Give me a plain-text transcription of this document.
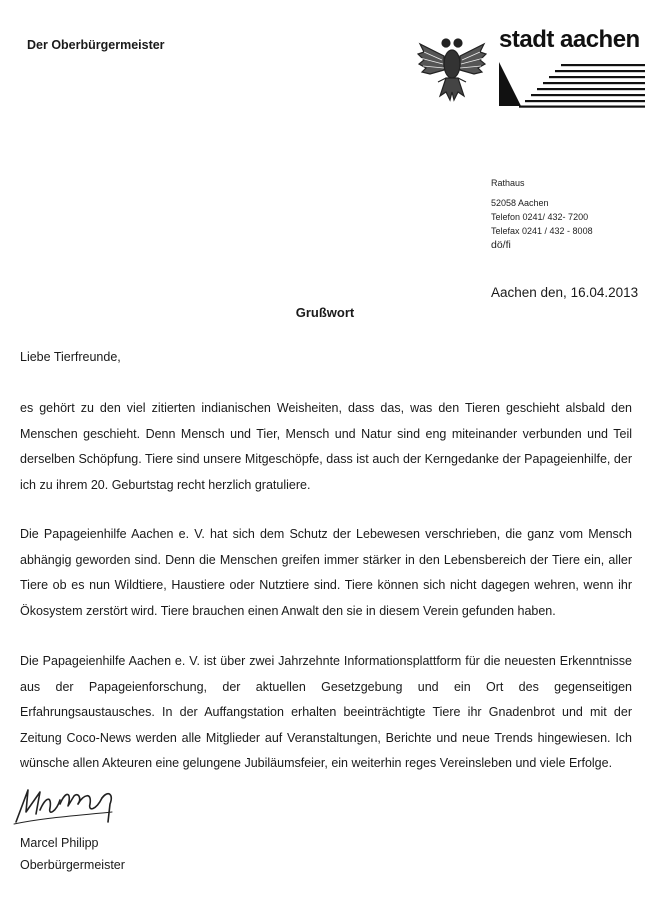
Der Oberbürgermeister	stadt aachen
Rathaus
52058 Aachen
Telefon 0241/ 432- 7200
Telefax 0241 / 432 - 8008
dö/fi
Aachen den, 16.04.2013
Grußwort
Liebe Tierfreunde,
es gehört zu den viel zitierten indianischen Weisheiten, dass das, was den Tieren geschieht alsbald den Menschen geschieht. Denn Mensch und Tier, Mensch und Natur sind eng miteinander verbunden und Teil derselben Schöpfung. Tiere sind unsere Mitgeschöpfe, dass ist auch der Kerngedanke der Papageienhilfe, der ich zu ihrem 20. Geburtstag recht herzlich gratuliere.
Die Papageienhilfe Aachen e. V. hat sich dem Schutz der Lebewesen verschrieben, die ganz vom Mensch abhängig geworden sind. Denn die Menschen greifen immer stärker in den Lebensbereich der Tiere ein, aller Tiere ob es nun Wildtiere, Haustiere oder Nutztiere sind. Tiere können sich nicht dagegen wehren, wenn ihr Ökosystem zerstört wird. Tiere brauchen einen Anwalt den sie in diesem Verein gefunden haben.
Die Papageienhilfe Aachen e. V. ist über zwei Jahrzehnte Informationsplattform für die neuesten Erkenntnisse aus der Papageienforschung, der aktuellen Gesetzgebung und ein Ort des gegenseitigen Erfahrungsaustausches. In der Auffangstation erhalten beeinträchtigte Tiere ihr Gnadenbrot und mit der Zeitung Coco-News werden alle Mitglieder auf Veranstaltungen, Berichte und neue Trends hingewiesen. Ich wünsche allen Akteuren eine gelungene Jubiläumsfeier, ein weiterhin reges Vereinsleben und viele Erfolge.
Marcel Philipp
Oberbürgermeister
